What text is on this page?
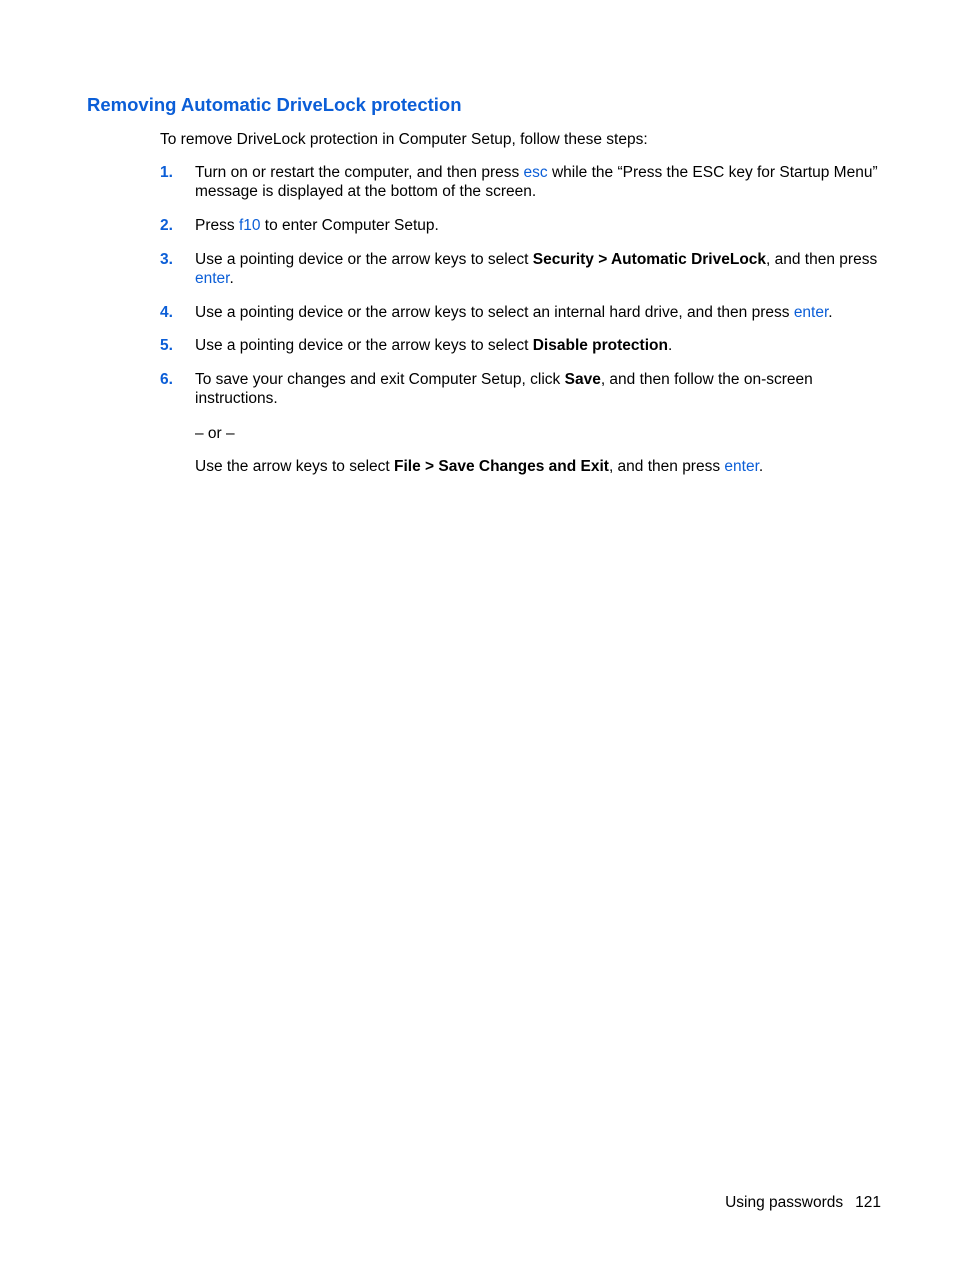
Removing Automatic DriveLock protection

To remove DriveLock protection in Computer Setup, follow these steps:

1. Turn on or restart the computer, and then press esc while the “Press the ESC key for Startup Menu” message is displayed at the bottom of the screen.
2. Press f10 to enter Computer Setup.
3. Use a pointing device or the arrow keys to select Security > Automatic DriveLock, and then press enter.
4. Use a pointing device or the arrow keys to select an internal hard drive, and then press enter.
5. Use a pointing device or the arrow keys to select Disable protection.
6. To save your changes and exit Computer Setup, click Save, and then follow the on-screen instructions.

– or –

Use the arrow keys to select File > Save Changes and Exit, and then press enter.

Using passwords 121
